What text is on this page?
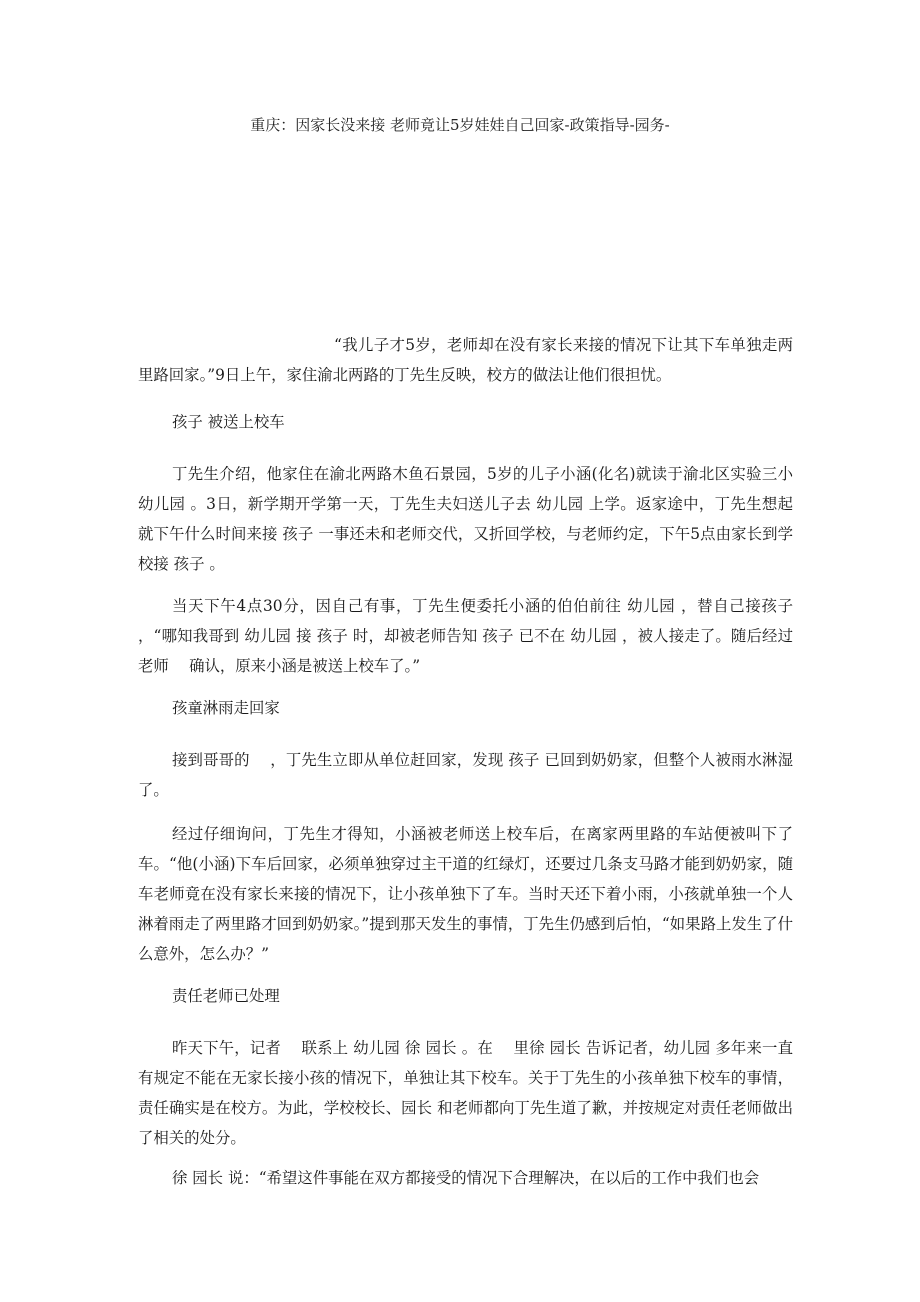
重庆：因家长没来接 老师竟让5岁娃娃自己回家-政策指导-园务-

“我儿子才5岁，老师却在没有家长来接的情况下让其下车单独走两里路回家。”9日上午，家住渝北两路的丁先生反映，校方的做法让他们很担忧。

孩子 被送上校车

丁先生介绍，他家住在渝北两路木鱼石景园，5岁的儿子小涵(化名)就读于渝北区实验三小 幼儿园 。3日，新学期开学第一天，丁先生夫妇送儿子去 幼儿园 上学。返家途中，丁先生想起就下午什么时间来接 孩子 一事还未和老师交代，又折回学校，与老师约定，下午5点由家长到学校接 孩子 。

当天下午4点30分，因自己有事，丁先生便委托小涵的伯伯前往 幼儿园 ，替自己接孩子 ，“哪知我哥到 幼儿园 接 孩子 时，却被老师告知 孩子 已不在 幼儿园 ，被人接走了。随后经过老师　 确认，原来小涵是被送上校车了。”

孩童淋雨走回家

接到哥哥的　 ，丁先生立即从单位赶回家，发现 孩子 已回到奶奶家，但整个人被雨水淋湿了。

经过仔细询问，丁先生才得知，小涵被老师送上校车后，在离家两里路的车站便被叫下了车。“他(小涵)下车后回家，必须单独穿过主干道的红绿灯，还要过几条支马路才能到奶奶家，随车老师竟在没有家长来接的情况下，让小孩单独下了车。当时天还下着小雨，小孩就单独一个人淋着雨走了两里路才回到奶奶家。”提到那天发生的事情，丁先生仍感到后怕，“如果路上发生了什么意外，怎么办？”

责任老师已处理

昨天下午，记者　 联系上 幼儿园 徐 园长 。在　 里徐 园长 告诉记者，幼儿园 多年来一直有规定不能在无家长接小孩的情况下，单独让其下校车。关于丁先生的小孩单独下校车的事情，责任确实是在校方。为此，学校校长、园长 和老师都向丁先生道了歉，并按规定对责任老师做出了相关的处分。

徐 园长 说：“希望这件事能在双方都接受的情况下合理解决，在以后的工作中我们也会
